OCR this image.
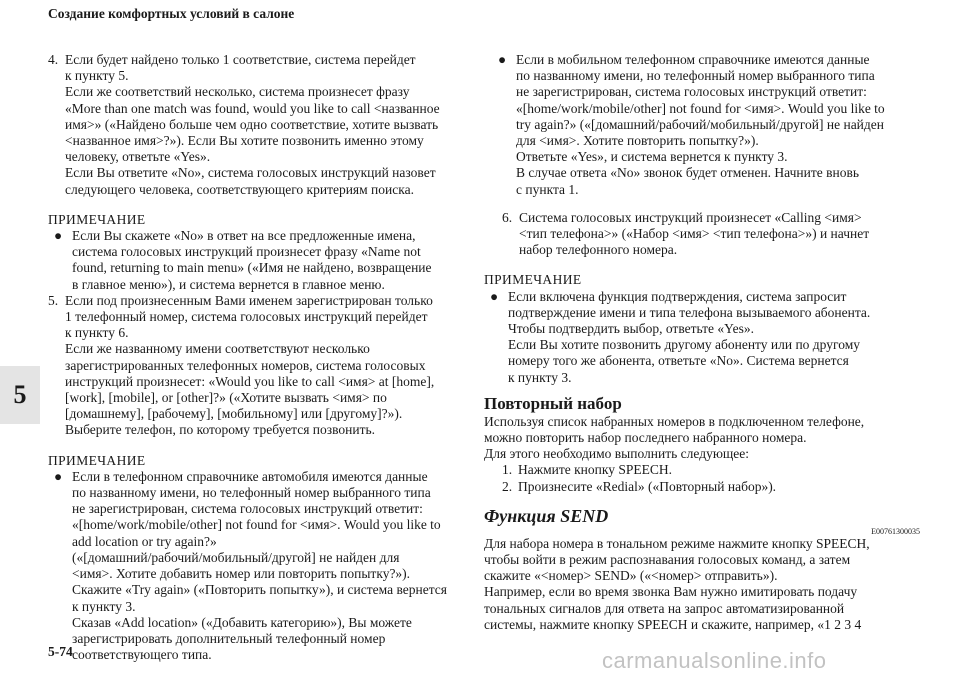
Создание комфортных условий в салоне
5
4. Если будет найдено только 1 соответствие, система перейдет
к пункту 5.
Если же соответствий несколько, система произнесет фразу
«More than one match was found, would you like to call <названное
имя>» («Найдено больше чем одно соответствие, хотите вызвать
<названное имя>?»). Если Вы хотите позвонить именно этому
человеку, ответьте «Yes».
Если Вы ответите «No», система голосовых инструкций назовет
следующего человека, соответствующего критериям поиска.
ПРИМЕЧАНИЕ
● Если Вы скажете «No» в ответ на все предложенные имена,
система голосовых инструкций произнесет фразу «Name not
found, returning to main menu» («Имя не найдено, возвращение
в главное меню»), и система вернется в главное меню.
5. Если под произнесенным Вами именем зарегистрирован только
1 телефонный номер, система голосовых инструкций перейдет
к пункту 6.
Если же названному имени соответствуют несколько
зарегистрированных телефонных номеров, система голосовых
инструкций произнесет: «Would you like to call <имя> at [home],
[work], [mobile], or [other]?» («Хотите вызвать <имя> по
[домашнему], [рабочему], [мобильному] или [другому]?»).
Выберите телефон, по которому требуется позвонить.
ПРИМЕЧАНИЕ
● Если в телефонном справочнике автомобиля имеются данные
по названному имени, но телефонный номер выбранного типа
не зарегистрирован, система голосовых инструкций ответит:
«[home/work/mobile/other] not found for <имя>. Would you like to
add location or try again?»
(«[домашний/рабочий/мобильный/другой] не найден для
<имя>. Хотите добавить номер или повторить попытку?»).
Скажите «Try again» («Повторить попытку»), и система вернется
к пункту 3.
Сказав «Add location» («Добавить категорию»), Вы можете
зарегистрировать дополнительный телефонный номер
соответствующего типа.
● Если в мобильном телефонном справочнике имеются данные
по названному имени, но телефонный номер выбранного типа
не зарегистрирован, система голосовых инструкций ответит:
«[home/work/mobile/other] not found for <имя>. Would you like to
try again?» («[домашний/рабочий/мобильный/другой] не найден
для <имя>. Хотите повторить попытку?»).
Ответьте «Yes», и система вернется к пункту 3.
В случае ответа «No» звонок будет отменен. Начните вновь
с пункта 1.
6. Система голосовых инструкций произнесет «Calling <имя>
<тип телефона>» («Набор <имя> <тип телефона>») и начнет
набор телефонного номера.
ПРИМЕЧАНИЕ
● Если включена функция подтверждения, система запросит
подтверждение имени и типа телефона вызываемого абонента.
Чтобы подтвердить выбор, ответьте «Yes».
Если Вы хотите позвонить другому абоненту или по другому
номеру того же абонента, ответьте «No». Система вернется
к пункту 3.
Повторный набор
Используя список набранных номеров в подключенном телефоне,
можно повторить набор последнего набранного номера.
Для этого необходимо выполнить следующее:
1. Нажмите кнопку SPEECH.
2. Произнесите «Redial» («Повторный набор»).
Функция SEND
E00761300035
Для набора номера в тональном режиме нажмите кнопку SPEECH,
чтобы войти в режим распознавания голосовых команд, а затем
скажите «<номер> SEND» («<номер> отправить»).
Например, если во время звонка Вам нужно имитировать подачу
тональных сигналов для ответа на запрос автоматизированной
системы, нажмите кнопку SPEECH и скажите, например, «1 2 3 4
5-74	carmanualsonline.info
